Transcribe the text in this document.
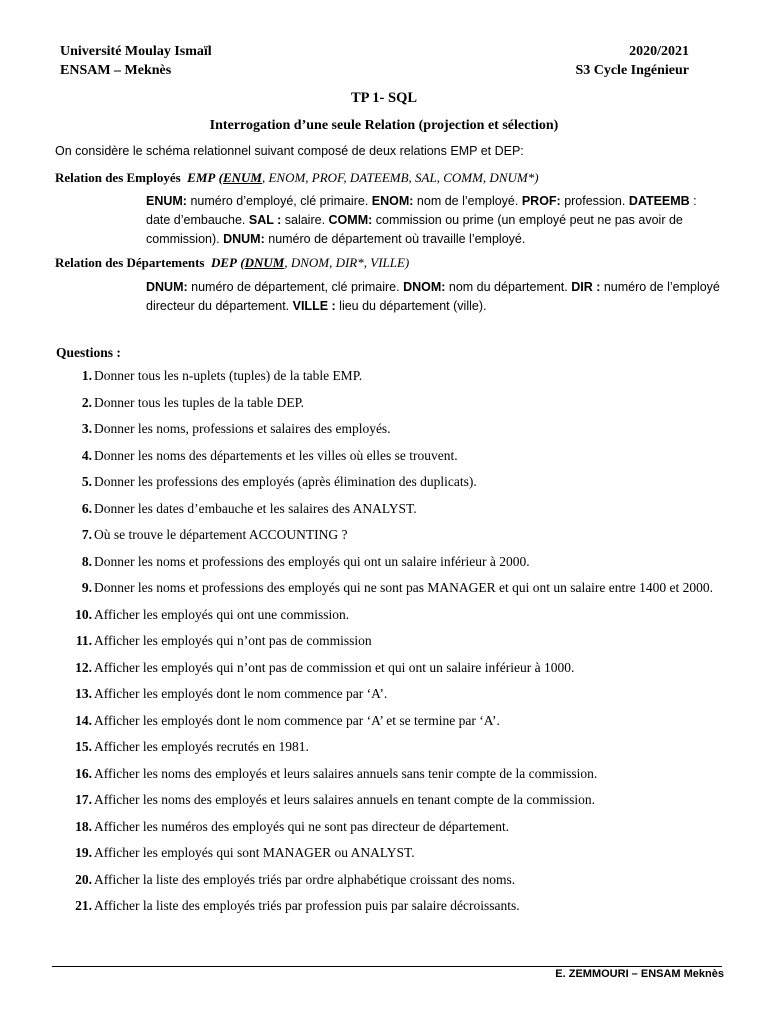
Université Moulay Ismaïl
ENSAM – Meknès
2020/2021
S3 Cycle Ingénieur
TP 1- SQL
Interrogation d’une seule Relation (projection et sélection)
On considère le schéma relationnel suivant composé de deux relations EMP et DEP:
Relation des Employés EMP (ENUM, ENOM, PROF, DATEEMB, SAL, COMM, DNUM*)
ENUM: numéro d’employé, clé primaire. ENOM: nom de l’employé. PROF: profession. DATEEMB : date d’embauche. SAL : salaire. COMM: commission ou prime (un employé peut ne pas avoir de commission). DNUM: numéro de département où travaille l’employé.
Relation des Départements DEP (DNUM, DNOM, DIR*, VILLE)
DNUM: numéro de département, clé primaire. DNOM: nom du département. DIR : numéro de l’employé directeur du département. VILLE : lieu du département (ville).
Questions :
1. Donner tous les n-uplets (tuples) de la table EMP.
2. Donner tous les tuples de la table DEP.
3. Donner les noms, professions et salaires des employés.
4. Donner les noms des départements et les villes où elles se trouvent.
5. Donner les professions des employés (après élimination des duplicats).
6. Donner les dates d’embauche et les salaires des ANALYST.
7. Où se trouve le département ACCOUNTING ?
8. Donner les noms et professions des employés qui ont un salaire inférieur à 2000.
9. Donner les noms et professions des employés qui ne sont pas MANAGER et qui ont un salaire entre 1400 et 2000.
10. Afficher les employés qui ont une commission.
11. Afficher les employés qui n’ont pas de commission
12. Afficher les employés qui n’ont pas de commission et qui ont un salaire inférieur à 1000.
13. Afficher les employés dont le nom commence par ‘A’.
14. Afficher les employés dont le nom commence par ‘A’ et se termine par ‘A’.
15. Afficher les employés recrutés en 1981.
16. Afficher les noms des employés et leurs salaires annuels sans tenir compte de la commission.
17. Afficher les noms des employés et leurs salaires annuels en tenant compte de la commission.
18. Afficher les numéros des employés qui ne sont pas directeur de département.
19. Afficher les employés qui sont MANAGER ou ANALYST.
20. Afficher la liste des employés triés par ordre alphabétique croissant des noms.
21. Afficher la liste des employés triés par profession puis par salaire décroissants.
E. ZEMMOURI – ENSAM Meknès
